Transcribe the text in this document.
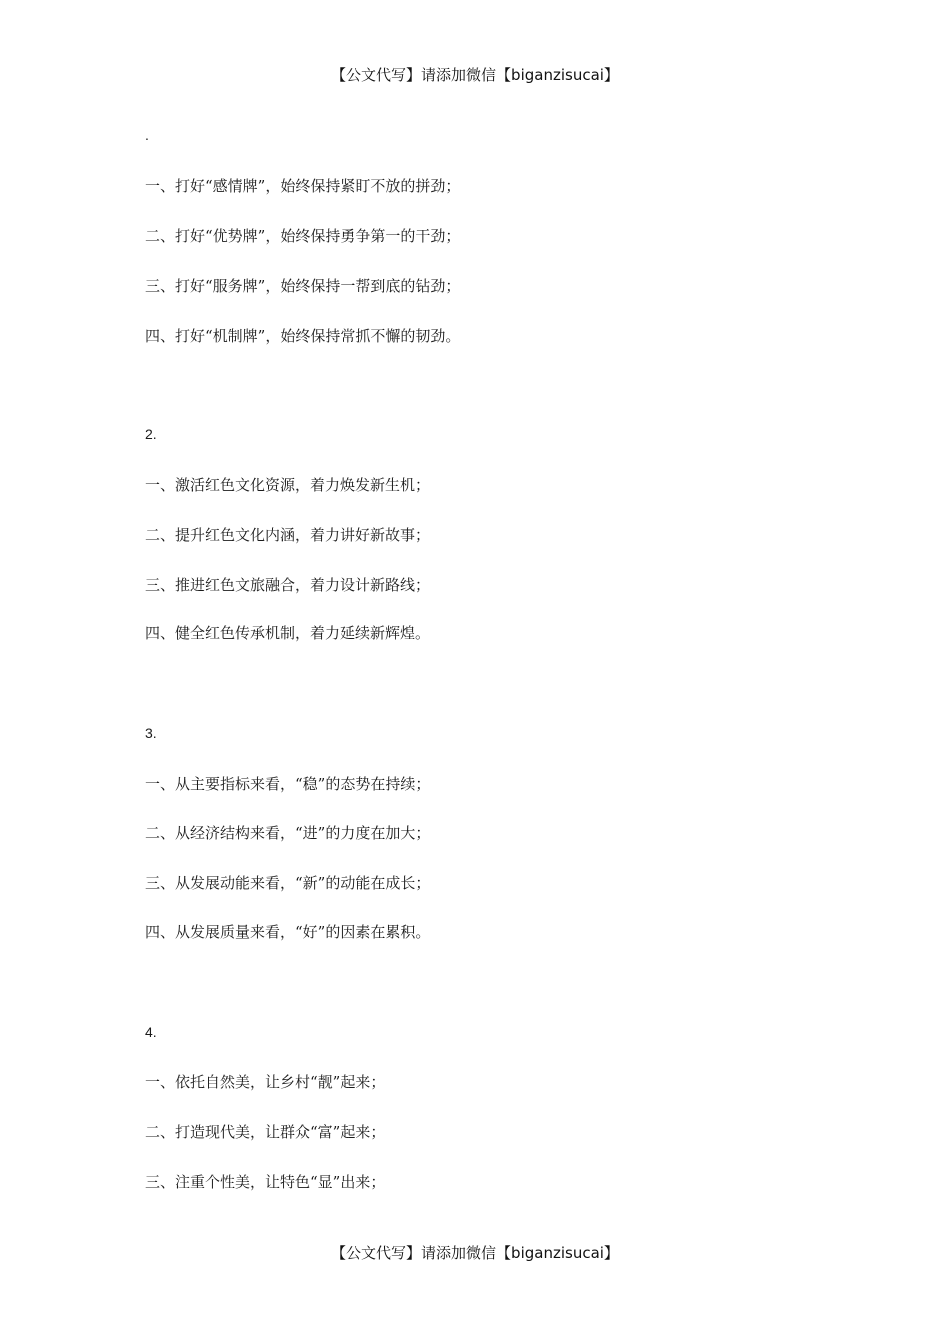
【公文代写】请添加微信【biganzisucai】
.
一、打好“感情牌”，始终保持紧盯不放的拼劲；
二、打好“优势牌”，始终保持勇争第一的干劲；
三、打好“服务牌”，始终保持一帮到底的钻劲；
四、打好“机制牌”，始终保持常抓不懈的韧劲。
2.
一、激活红色文化资源，着力焕发新生机；
二、提升红色文化内涵，着力讲好新故事；
三、推进红色文旅融合，着力设计新路线；
四、健全红色传承机制，着力延续新辉煌。
3.
一、从主要指标来看，“稳”的态势在持续；
二、从经济结构来看，“进”的力度在加大；
三、从发展动能来看，“新”的动能在成长；
四、从发展质量来看，“好”的因素在累积。
4.
一、依托自然美，让乡村“靓”起来；
二、打造现代美，让群众“富”起来；
三、注重个性美，让特色“显”出来；
【公文代写】请添加微信【biganzisucai】
